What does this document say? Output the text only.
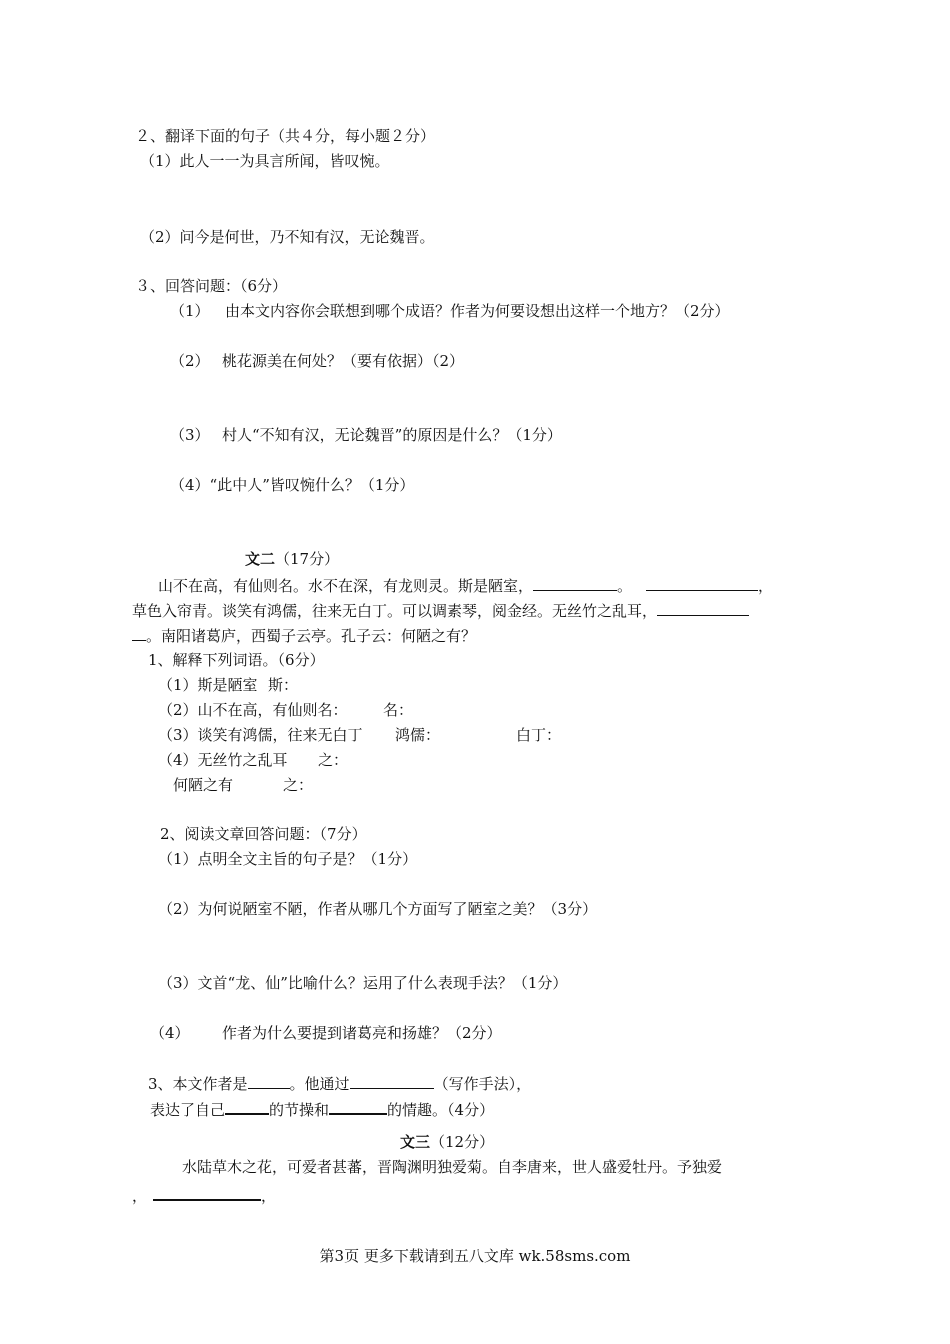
２、翻译下面的句子（共４分，每小题２分）
（1）此人一一为具言所闻，皆叹惋。
（2）问今是何世，乃不知有汉，无论魏晋。
３、回答问题：（6分）
（1） 由本文内容你会联想到哪个成语？作者为何要设想出这样一个地方？（2分）
（2） 桃花源美在何处？（要有依据）（2）
（3） 村人“不知有汉，无论魏晋”的原因是什么？（1分）
（4）“此中人”皆叹惋什么？（1分）
文二（17分）
山不在高，有仙则名。水不在深，有龙则灵。斯是陋室，	。	，
草色入帘青。谈笑有鸿儒，往来无白丁。可以调素琴，阅金经。无丝竹之乱耳，
。南阳诸葛庐，西蜀子云亭。孔子云：何陋之有？
1、解释下列词语。（6分）
（1）斯是陋室 斯：
（2）山不在高，有仙则名： 名：
（3）谈笑有鸿儒，往来无白丁 鸿儒：	白丁：
（4）无丝竹之乱耳 之：
何陋之有	之：
2、阅读文章回答问题：（7分）
（1）点明全文主旨的句子是？（1分）
（2）为何说陋室不陋，作者从哪几个方面写了陋室之美？（3分）
（3）文首“龙、仙”比喻什么？运用了什么表现手法？（1分）
（4） 作者为什么要提到诸葛亮和扬雄？（2分）
3、本文作者是	。他通过	（写作手法），
表达了自己	的节操和	的情趣。（4分）
文三（12分）
水陆草木之花，可爱者甚蕃，晋陶渊明独爱菊。自李唐来，世人盛爱牡丹。予独爱
，	，
第3页 更多下载请到五八文库 wk.58sms.com
